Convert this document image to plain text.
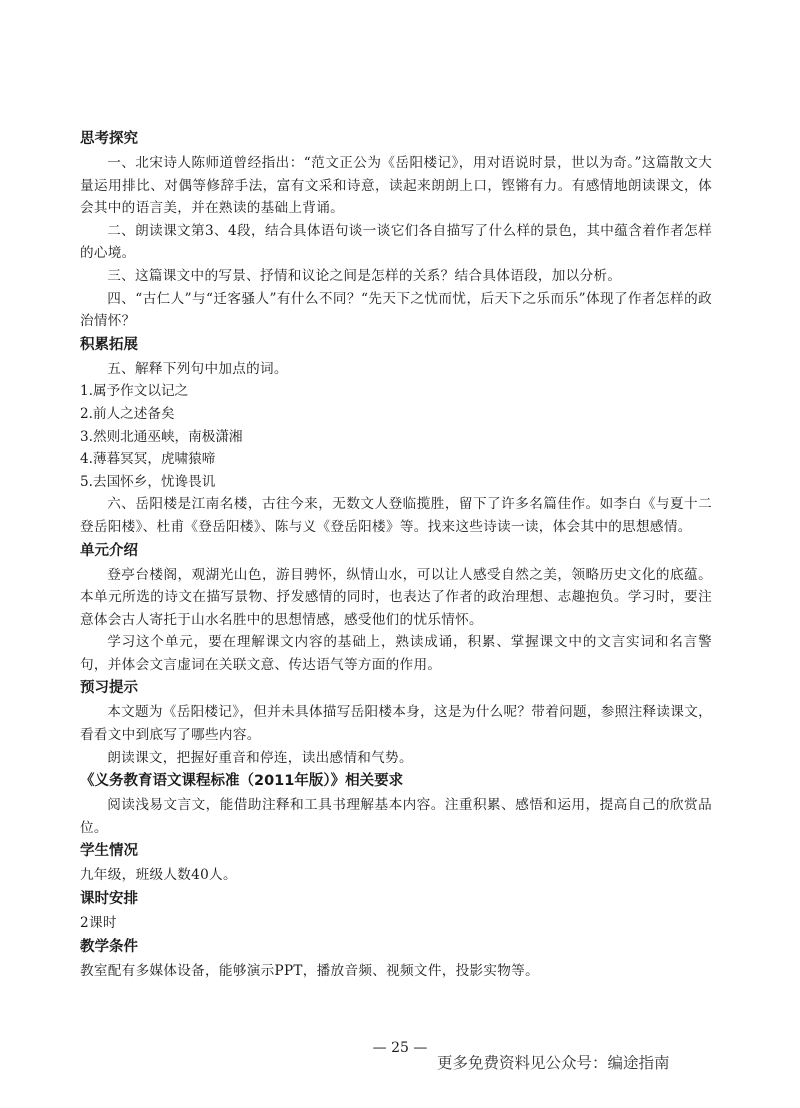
思考探究

一、北宋诗人陈师道曾经指出：“范文正公为《岳阳楼记》，用对语说时景，世以为奇。”这篇散文大量运用排比、对偶等修辞手法，富有文采和诗意，读起来朗朗上口，铿锵有力。有感情地朗读课文，体会其中的语言美，并在熟读的基础上背诵。

二、朗读课文第3、4段，结合具体语句谈一谈它们各自描写了什么样的景色，其中蕴含着作者怎样的心境。

三、这篇课文中的写景、抒情和议论之间是怎样的关系？结合具体语段，加以分析。

四、“古仁人”与“迁客骚人”有什么不同？“先天下之忧而忧，后天下之乐而乐”体现了作者怎样的政治情怀？

积累拓展

五、解释下列句中加点的词。

1.属予作文以记之

2.前人之述备矣

3.然则北通巫峡，南极潇湘

4.薄暮冥冥，虎啸猿啼

5.去国怀乡，忧谗畏讥

六、岳阳楼是江南名楼，古往今来，无数文人登临揽胜，留下了许多名篇佳作。如李白《与夏十二登岳阳楼》、杜甫《登岳阳楼》、陈与义《登岳阳楼》等。找来这些诗读一读，体会其中的思想感情。

单元介绍

登亭台楼阁，观湖光山色，游目骋怀，纵情山水，可以让人感受自然之美，领略历史文化的底蕴。本单元所选的诗文在描写景物、抒发感情的同时，也表达了作者的政治理想、志趣抱负。学习时，要注意体会古人寄托于山水名胜中的思想情感，感受他们的忧乐情怀。

学习这个单元，要在理解课文内容的基础上，熟读成诵，积累、掌握课文中的文言实词和名言警句，并体会文言虚词在关联文意、传达语气等方面的作用。

预习提示

本文题为《岳阳楼记》，但并未具体描写岳阳楼本身，这是为什么呢？带着问题，参照注释读课文，看看文中到底写了哪些内容。

朗读课文，把握好重音和停连，读出感情和气势。

《义务教育语文课程标准（2011年版）》相关要求

阅读浅易文言文，能借助注释和工具书理解基本内容。注重积累、感悟和运用，提高自己的欣赏品位。

学生情况

九年级，班级人数40人。

课时安排

2课时

教学条件

教室配有多媒体设备，能够演示PPT，播放音频、视频文件，投影实物等。

— 25 —

更多免费资料见公众号：编途指南
